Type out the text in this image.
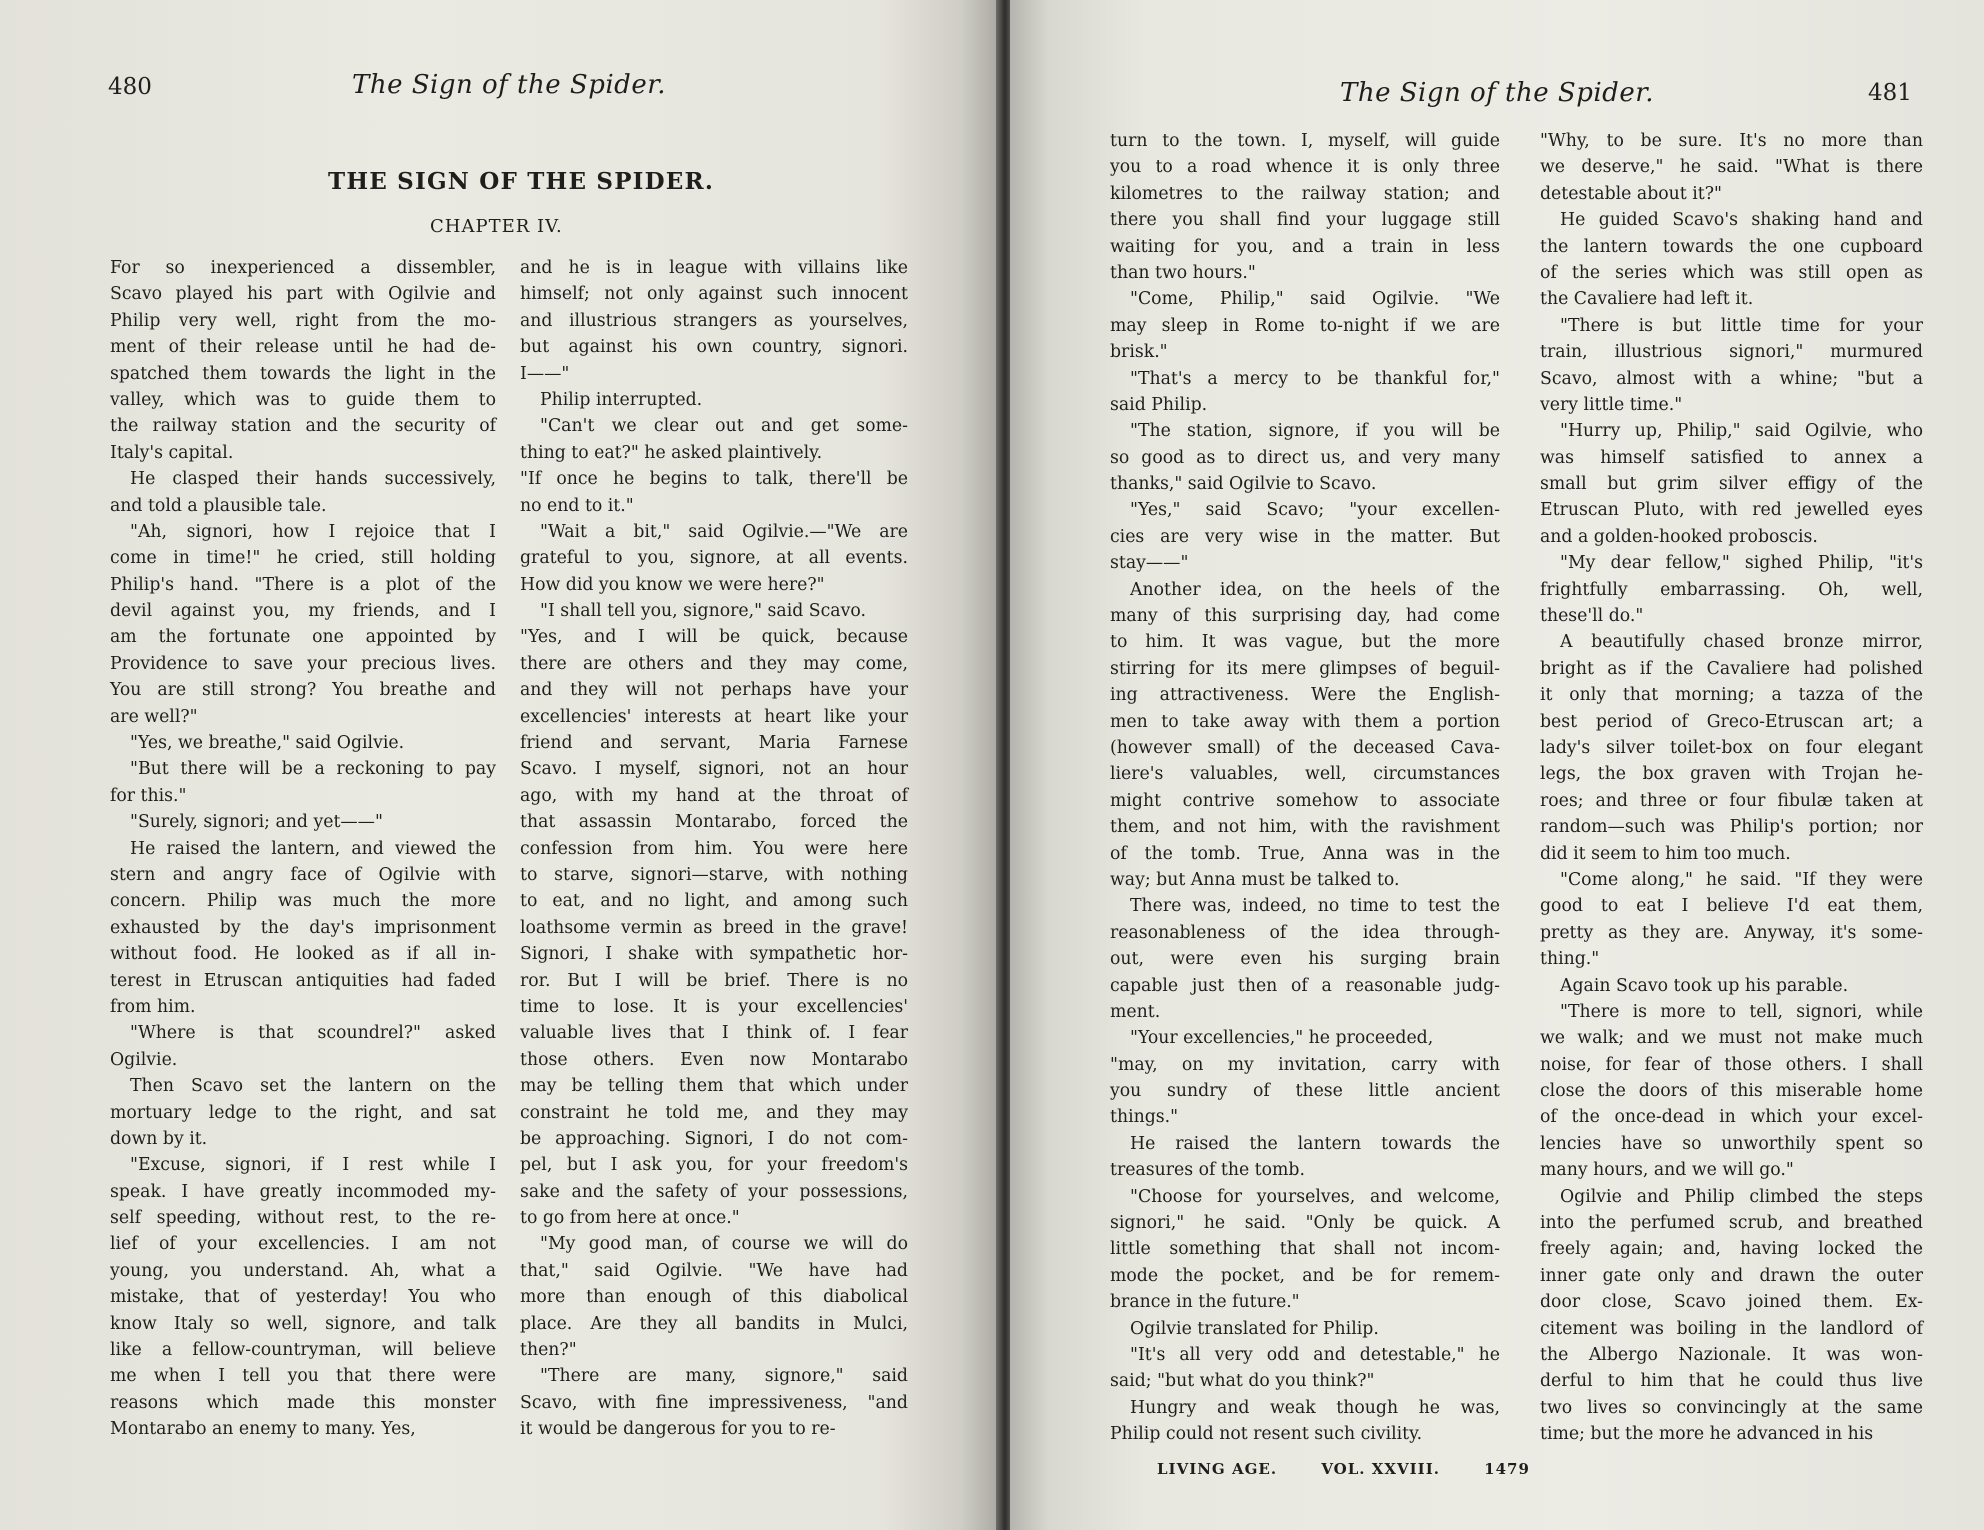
480	The Sign of the Spider.
THE SIGN OF THE SPIDER.
CHAPTER IV.
For so inexperienced a dissembler,
Scavo played his part with Ogilvie and
Philip very well, right from the mo-
ment of their release until he had de-
spatched them towards the light in the
valley, which was to guide them to
the railway station and the security of
Italy's capital.
He clasped their hands successively,
and told a plausible tale.
"Ah, signori, how I rejoice that I
come in time!" he cried, still holding
Philip's hand. "There is a plot of the
devil against you, my friends, and I
am the fortunate one appointed by
Providence to save your precious lives.
You are still strong? You breathe and
are well?"
"Yes, we breathe," said Ogilvie.
"But there will be a reckoning to pay
for this."
"Surely, signori; and yet——"
He raised the lantern, and viewed the
stern and angry face of Ogilvie with
concern. Philip was much the more
exhausted by the day's imprisonment
without food. He looked as if all in-
terest in Etruscan antiquities had faded
from him.
"Where is that scoundrel?" asked
Ogilvie.
Then Scavo set the lantern on the
mortuary ledge to the right, and sat
down by it.
"Excuse, signori, if I rest while I
speak. I have greatly incommoded my-
self speeding, without rest, to the re-
lief of your excellencies. I am not
young, you understand. Ah, what a
mistake, that of yesterday! You who
know Italy so well, signore, and talk
like a fellow-countryman, will believe
me when I tell you that there were
reasons which made this monster
Montarabo an enemy to many. Yes,
and he is in league with villains like
himself; not only against such innocent
and illustrious strangers as yourselves,
but against his own country, signori.
I——"
Philip interrupted.
"Can't we clear out and get some-
thing to eat?" he asked plaintively.
"If once he begins to talk, there'll be
no end to it."
"Wait a bit," said Ogilvie.—"We are
grateful to you, signore, at all events.
How did you know we were here?"
"I shall tell you, signore," said Scavo.
"Yes, and I will be quick, because
there are others and they may come,
and they will not perhaps have your
excellencies' interests at heart like your
friend and servant, Maria Farnese
Scavo. I myself, signori, not an hour
ago, with my hand at the throat of
that assassin Montarabo, forced the
confession from him. You were here
to starve, signori—starve, with nothing
to eat, and no light, and among such
loathsome vermin as breed in the grave!
Signori, I shake with sympathetic hor-
ror. But I will be brief. There is no
time to lose. It is your excellencies'
valuable lives that I think of. I fear
those others. Even now Montarabo
may be telling them that which under
constraint he told me, and they may
be approaching. Signori, I do not com-
pel, but I ask you, for your freedom's
sake and the safety of your possessions,
to go from here at once."
"My good man, of course we will do
that," said Ogilvie. "We have had
more than enough of this diabolical
place. Are they all bandits in Mulci,
then?"
"There are many, signore," said
Scavo, with fine impressiveness, "and
it would be dangerous for you to re-
The Sign of the Spider.	481
turn to the town. I, myself, will guide
you to a road whence it is only three
kilometres to the railway station; and
there you shall find your luggage still
waiting for you, and a train in less
than two hours."
"Come, Philip," said Ogilvie. "We
may sleep in Rome to-night if we are
brisk."
"That's a mercy to be thankful for,"
said Philip.
"The station, signore, if you will be
so good as to direct us, and very many
thanks," said Ogilvie to Scavo.
"Yes," said Scavo; "your excellen-
cies are very wise in the matter. But
stay——"
Another idea, on the heels of the
many of this surprising day, had come
to him. It was vague, but the more
stirring for its mere glimpses of beguil-
ing attractiveness. Were the English-
men to take away with them a portion
(however small) of the deceased Cava-
liere's valuables, well, circumstances
might contrive somehow to associate
them, and not him, with the ravishment
of the tomb. True, Anna was in the
way; but Anna must be talked to.
There was, indeed, no time to test the
reasonableness of the idea through-
out, were even his surging brain
capable just then of a reasonable judg-
ment.
"Your excellencies," he proceeded,
"may, on my invitation, carry with
you sundry of these little ancient
things."
He raised the lantern towards the
treasures of the tomb.
"Choose for yourselves, and welcome,
signori," he said. "Only be quick. A
little something that shall not incom-
mode the pocket, and be for remem-
brance in the future."
Ogilvie translated for Philip.
"It's all very odd and detestable," he
said; "but what do you think?"
Hungry and weak though he was,
Philip could not resent such civility.
"Why, to be sure. It's no more than
we deserve," he said. "What is there
detestable about it?"
He guided Scavo's shaking hand and
the lantern towards the one cupboard
of the series which was still open as
the Cavaliere had left it.
"There is but little time for your
train, illustrious signori," murmured
Scavo, almost with a whine; "but a
very little time."
"Hurry up, Philip," said Ogilvie, who
was himself satisfied to annex a
small but grim silver effigy of the
Etruscan Pluto, with red jewelled eyes
and a golden-hooked proboscis.
"My dear fellow," sighed Philip, "it's
frightfully embarrassing. Oh, well,
these'll do."
A beautifully chased bronze mirror,
bright as if the Cavaliere had polished
it only that morning; a tazza of the
best period of Greco-Etruscan art; a
lady's silver toilet-box on four elegant
legs, the box graven with Trojan he-
roes; and three or four fibulæ taken at
random—such was Philip's portion; nor
did it seem to him too much.
"Come along," he said. "If they were
good to eat I believe I'd eat them,
pretty as they are. Anyway, it's some-
thing."
Again Scavo took up his parable.
"There is more to tell, signori, while
we walk; and we must not make much
noise, for fear of those others. I shall
close the doors of this miserable home
of the once-dead in which your excel-
lencies have so unworthily spent so
many hours, and we will go."
Ogilvie and Philip climbed the steps
into the perfumed scrub, and breathed
freely again; and, having locked the
inner gate only and drawn the outer
door close, Scavo joined them. Ex-
citement was boiling in the landlord of
the Albergo Nazionale. It was won-
derful to him that he could thus live
two lives so convincingly at the same
time; but the more he advanced in his
LIVING AGE.	VOL. XXVIII.	1479
